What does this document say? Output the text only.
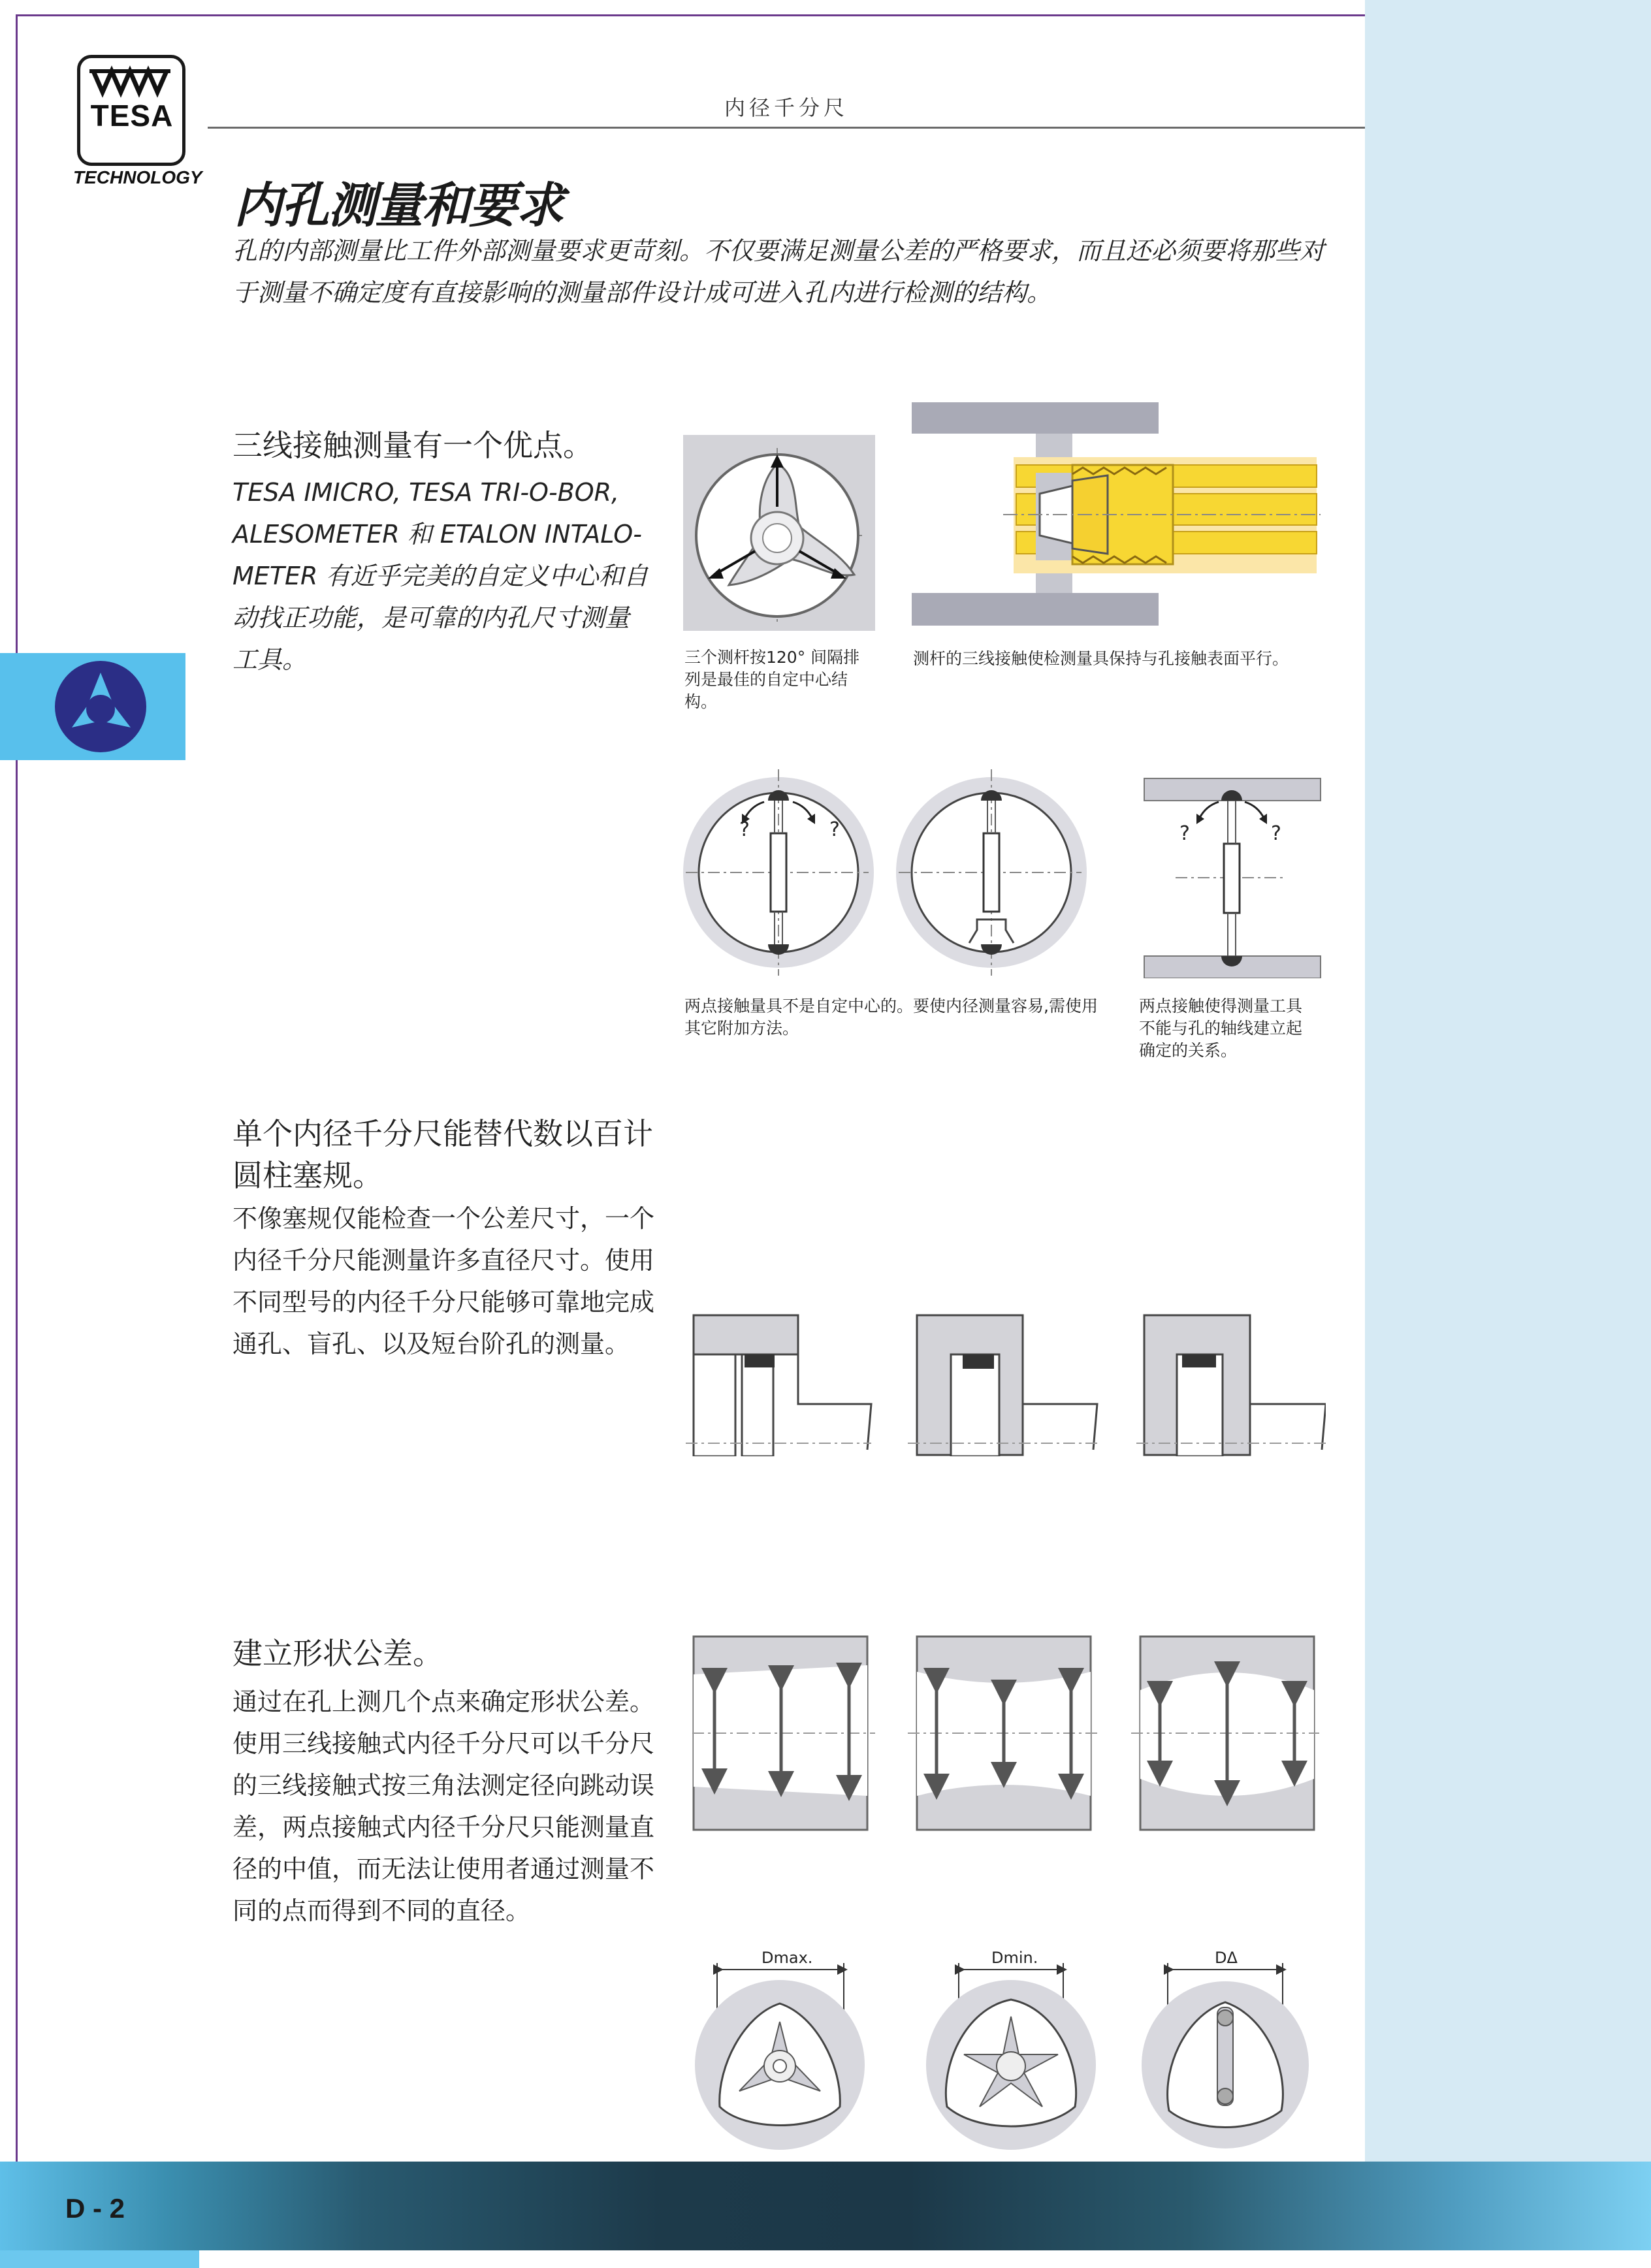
TESA
TECHNOLOGY
内径千分尺
内孔测量和要求
孔的内部测量比工件外部测量要求更苛刻。不仅要满足测量公差的严格要求，而且还必须要将那些对于测量不确定度有直接影响的测量部件设计成可进入孔内进行检测的结构。
三线接触测量有一个优点。
TESA IMICRO, TESA TRI-O-BOR, ALESOMETER 和 ETALON INTALO-METER 有近乎完美的自定义中心和自动找正功能，是可靠的内孔尺寸测量工具。
单个内径千分尺能替代数以百计圆柱塞规。
不像塞规仅能检查一个公差尺寸，一个内径千分尺能测量许多直径尺寸。使用不同型号的内径千分尺能够可靠地完成通孔、盲孔、以及短台阶孔的测量。
建立形状公差。
通过在孔上测几个点来确定形状公差。使用三线接触式内径千分尺可以千分尺的三线接触式按三角法测定径向跳动误差，两点接触式内径千分尺只能测量直径的中值，而无法让使用者通过测量不同的点而得到不同的直径。
三个测杆按120° 间隔排列是最佳的自定中心结构。
测杆的三线接触使检测量具保持与孔接触表面平行。
?	?	?	?
两点接触量具不是自定中心的。要使内径测量容易,需使用其它附加方法。
两点接触使得测量工具不能与孔的轴线建立起确定的关系。
Dmax.	Dmin.	DΔ
D - 2
